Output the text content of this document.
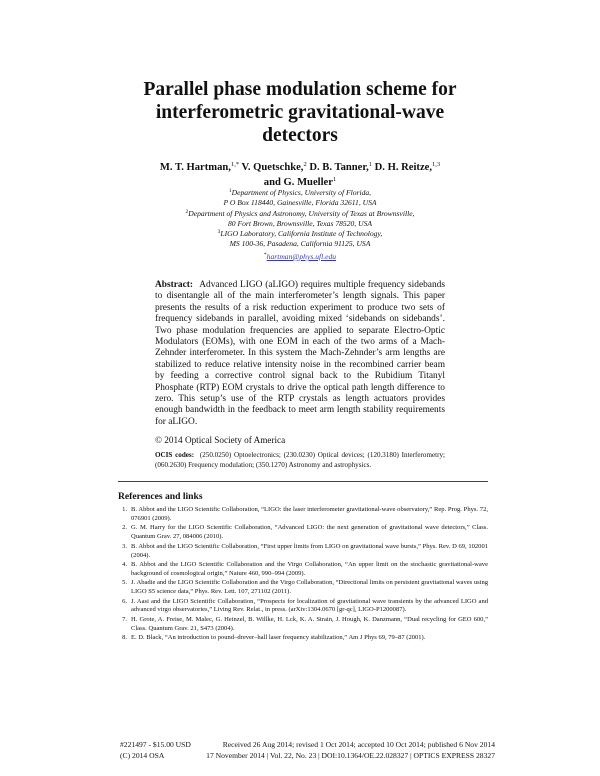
Parallel phase modulation scheme for interferometric gravitational-wave detectors
M. T. Hartman,$^{1,*}$ V. Quetschke,$^2$ D. B. Tanner,$^1$ D. H. Reitze,$^{1,3}$
and G. Mueller$^1$
$^1$Department of Physics, University of Florida,
P O Box 118440, Gainesville, Florida 32611, USA
$^2$Department of Physics and Astronomy, University of Texas at Brownsville,
80 Fort Brown, Brownsville, Texas 78520, USA
$^3$LIGO Laboratory, California Institute of Technology,
MS 100-36, Pasadena, California 91125, USA
*hartman@phys.ufl.edu
Abstract: Advanced LIGO (aLIGO) requires multiple frequency sidebands to disentangle all of the main interferometer’s length signals. This paper presents the results of a risk reduction experiment to produce two sets of frequency sidebands in parallel, avoiding mixed ‘sidebands on sidebands’. Two phase modulation frequencies are applied to separate Electro-Optic Modulators (EOMs), with one EOM in each of the two arms of a Mach-Zehnder interferometer. In this system the Mach-Zehnder’s arm lengths are stabilized to reduce relative intensity noise in the recombined carrier beam by feeding a corrective control signal back to the Rubidium Titanyl Phosphate (RTP) EOM crystals to drive the optical path length difference to zero. This setup’s use of the RTP crystals as length actuators provides enough bandwidth in the feedback to meet arm length stability requirements for aLIGO.
© 2014 Optical Society of America
OCIS codes: (250.0250) Optoelectronics; (230.0230) Optical devices; (120.3180) Interferometry; (060.2630) Frequency modulation; (350.1270) Astronomy and astrophysics.
References and links
1. B. Abbot and the LIGO Scientific Collaboration, “LIGO: the laser interferometer gravitational-wave observatory,” Rep. Prog. Phys. 72, 076901 (2009).
2. G. M. Harry for the LIGO Scientific Collaboration, “Advanced LIGO: the next generation of gravitational wave detectors,” Class. Quantum Grav. 27, 084006 (2010).
3. B. Abbot and the LIGO Scientific Collaboration, “First upper limits from LIGO on gravitational wave bursts,” Phys. Rev. D 69, 102001 (2004).
4. B. Abbot and the LIGO Scientific Collaboration and the Virgo Collaboration, “An upper limit on the stochastic gravitational-wave background of cosmological origin,” Nature 460, 990–994 (2009).
5. J. Abadie and the LIGO Scientific Collaboration and the Virgo Collaboration, “Directional limits on persistent gravitational waves using LIGO S5 science data,” Phys. Rev. Lett. 107, 271102 (2011).
6. J. Aasi and the LIGO Scientific Collaboration, “Prospects for localization of gravitational wave transients by the advanced LIGO and advanced virgo observatories,” Living Rev. Relat., in press. (arXiv:1304.0670 [gr-qc], LIGO-P1200087).
7. H. Grote, A. Freise, M. Malec, G. Heinzel, B. Willke, H. Lck, K. A. Strain, J. Hough, K. Danzmann, “Dual recycling for GEO 600,” Class. Quantum Grav. 21, S473 (2004).
8. E. D. Black, “An introduction to pound–drever–hall laser frequency stabilization,” Am J Phys 69, 79–87 (2001).
#221497 - $15.00 USD	Received 26 Aug 2014; revised 1 Oct 2014; accepted 10 Oct 2014; published 6 Nov 2014
(C) 2014 OSA	17 November 2014 | Vol. 22, No. 23 | DOI:10.1364/OE.22.028327 | OPTICS EXPRESS 28327
